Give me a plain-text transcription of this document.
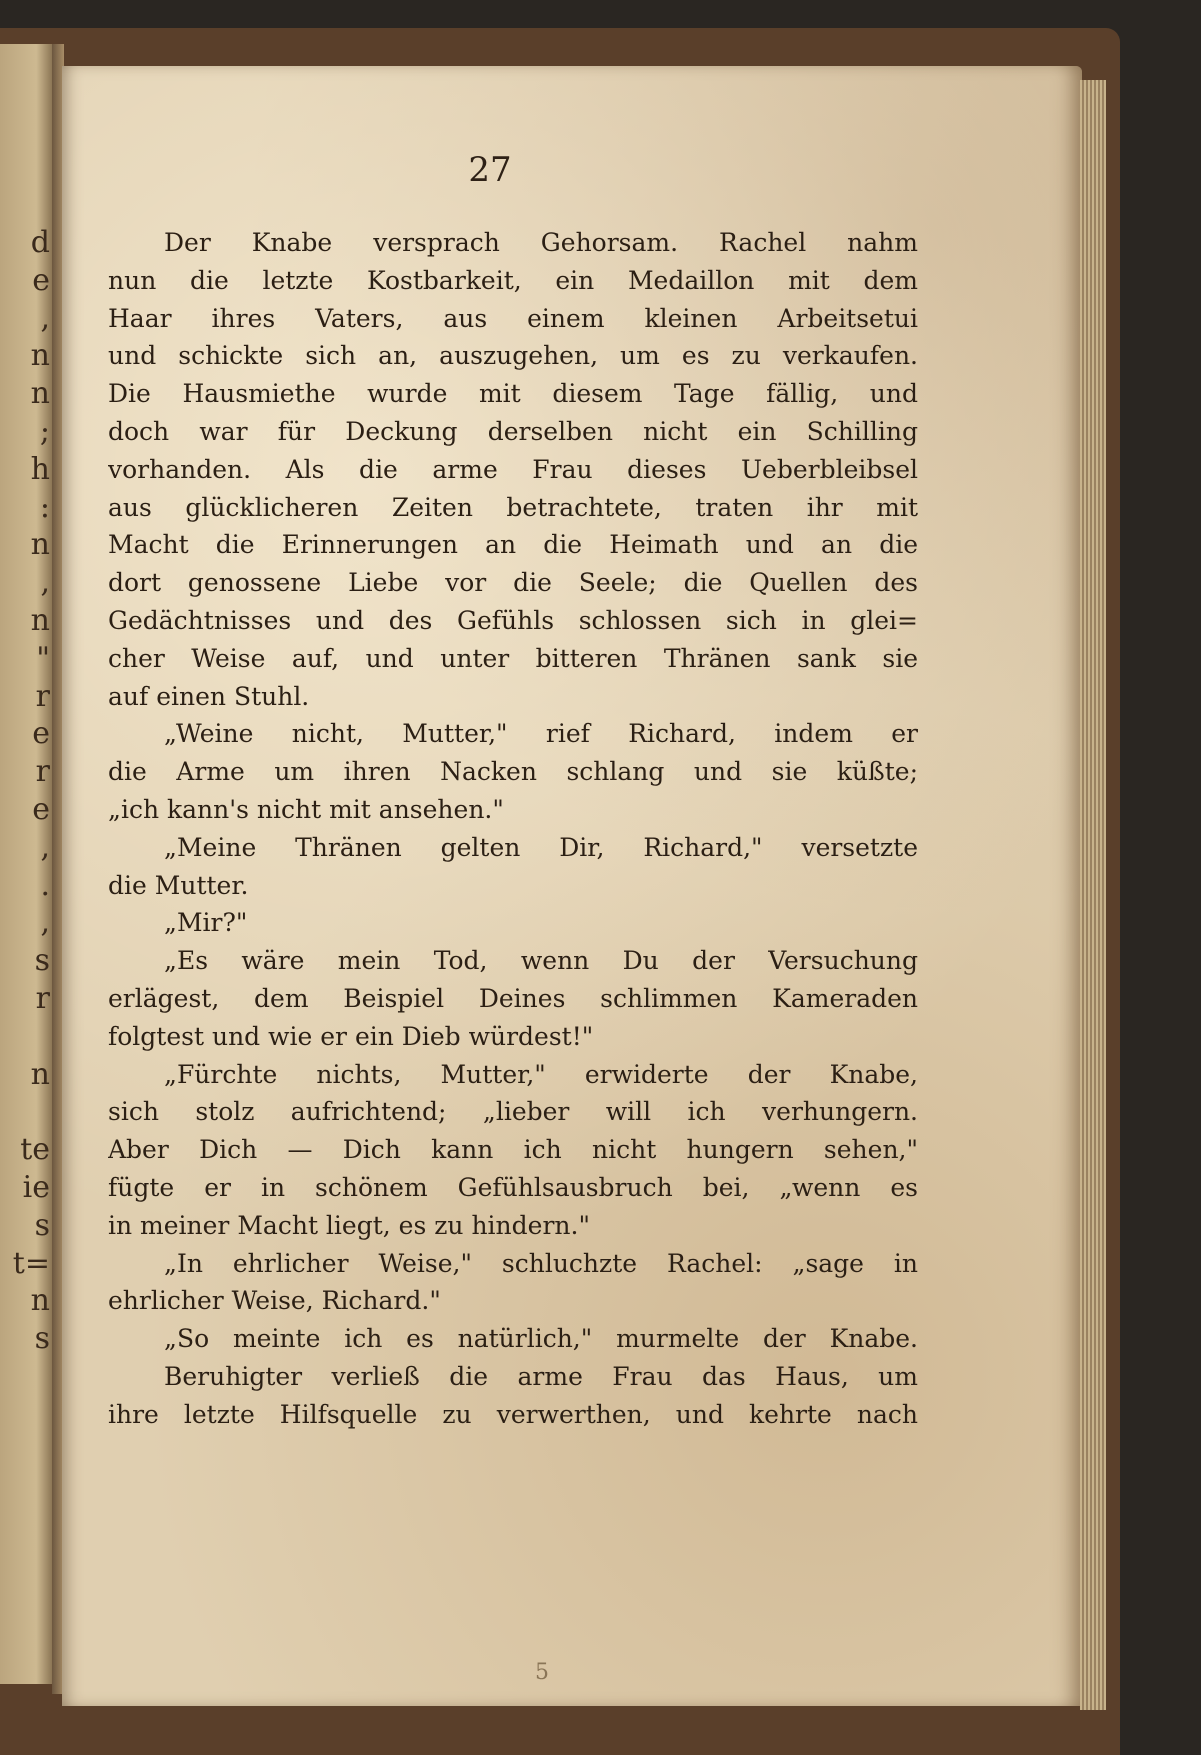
d
e
,
n
n
;
h
:
n
,
n
"
r
e
r
e
,
.
,
s
r
n
te
ie
s
t=
n
s
27
Der Knabe versprach Gehorsam. Rachel nahm
nun die letzte Kostbarkeit, ein Medaillon mit dem
Haar ihres Vaters, aus einem kleinen Arbeitsetui
und schickte sich an, auszugehen, um es zu verkaufen.
Die Hausmiethe wurde mit diesem Tage fällig, und
doch war für Deckung derselben nicht ein Schilling
vorhanden. Als die arme Frau dieses Ueberbleibsel
aus glücklicheren Zeiten betrachtete, traten ihr mit
Macht die Erinnerungen an die Heimath und an die
dort genossene Liebe vor die Seele; die Quellen des
Gedächtnisses und des Gefühls schlossen sich in glei=
cher Weise auf, und unter bitteren Thränen sank sie
auf einen Stuhl.
„Weine nicht, Mutter," rief Richard, indem er
die Arme um ihren Nacken schlang und sie küßte;
„ich kann's nicht mit ansehen."
„Meine Thränen gelten Dir, Richard," versetzte
die Mutter.
„Mir?"
„Es wäre mein Tod, wenn Du der Versuchung
erlägest, dem Beispiel Deines schlimmen Kameraden
folgtest und wie er ein Dieb würdest!"
„Fürchte nichts, Mutter," erwiderte der Knabe,
sich stolz aufrichtend; „lieber will ich verhungern.
Aber Dich — Dich kann ich nicht hungern sehen,"
fügte er in schönem Gefühlsausbruch bei, „wenn es
in meiner Macht liegt, es zu hindern."
„In ehrlicher Weise," schluchzte Rachel: „sage in
ehrlicher Weise, Richard."
„So meinte ich es natürlich," murmelte der Knabe.
Beruhigter verließ die arme Frau das Haus, um
ihre letzte Hilfsquelle zu verwerthen, und kehrte nach
5
